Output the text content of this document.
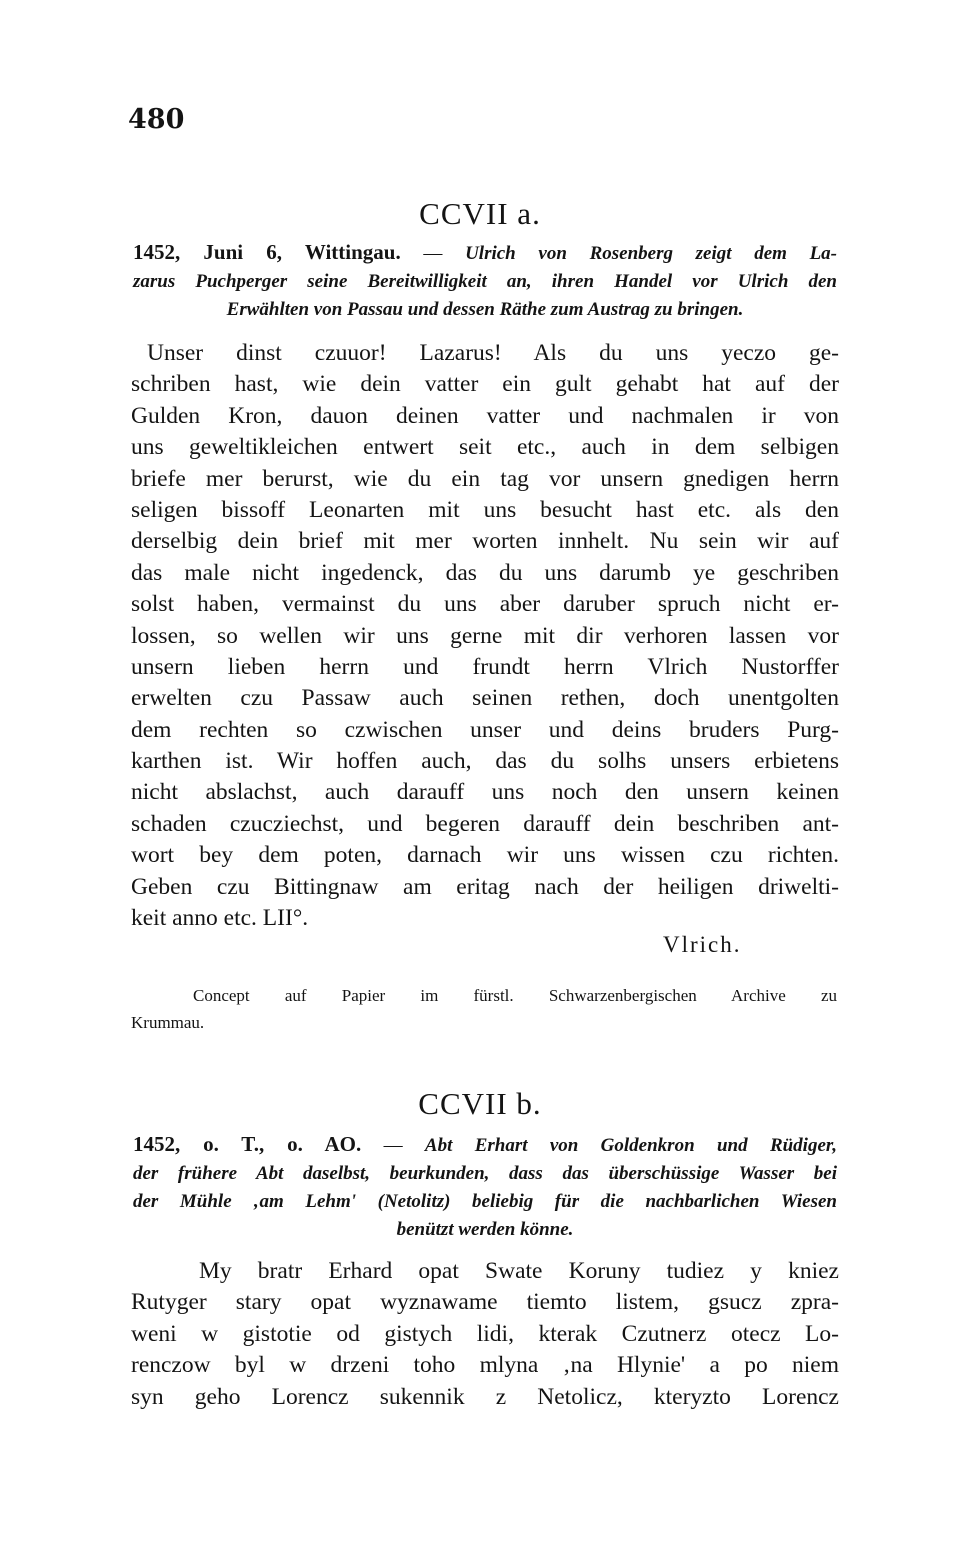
480
CCVII a.
1452, Juni 6, Wittingau. — Ulrich von Rosenberg zeigt dem La-
zarus Puchperger seine Bereitwilligkeit an, ihren Handel vor Ulrich den
Erwählten von Passau und dessen Räthe zum Austrag zu bringen.
Unser dinst czuuor! Lazarus! Als du uns yeczo ge-
schriben hast, wie dein vatter ein gult gehabt hat auf der
Gulden Kron, dauon deinen vatter und nachmalen ir von
uns geweltikleichen entwert seit etc., auch in dem selbigen
briefe mer berurst, wie du ein tag vor unsern gnedigen herrn
seligen bissoff Leonarten mit uns besucht hast etc. als den
derselbig dein brief mit mer worten innhelt. Nu sein wir auf
das male nicht ingedenck, das du uns darumb ye geschriben
solst haben, vermainst du uns aber daruber spruch nicht er-
lossen, so wellen wir uns gerne mit dir verhoren lassen vor
unsern lieben herrn und frundt herrn Vlrich Nustorffer
erwelten czu Passaw auch seinen rethen, doch unentgolten
dem rechten so czwischen unser und deins bruders Purg-
karthen ist. Wir hoffen auch, das du solhs unsers erbietens
nicht abslachst, auch darauff uns noch den unsern keinen
schaden czucziechst, und begeren darauff dein beschriben ant-
wort bey dem poten, darnach wir uns wissen czu richten.
Geben czu Bittingnaw am eritag nach der heiligen driwelti-
keit anno etc. LII°.
Vlrich.
Concept auf Papier im fürstl. Schwarzenbergischen Archive zu
Krummau.
CCVII b.
1452, o. T., o. AO. — Abt Erhart von Goldenkron und Rüdiger,
der frühere Abt daselbst, beurkunden, dass das überschüssige Wasser bei
der Mühle ‚am Lehm' (Netolitz) beliebig für die nachbarlichen Wiesen
benützt werden könne.
My bratr Erhard opat Swate Koruny tudiez y kniez
Rutyger stary opat wyznawame tiemto listem, gsucz zpra-
weni w gistotie od gistych lidi, kterak Czutnerz otecz Lo-
renczow byl w drzeni toho mlyna ‚na Hlynie' a po niem
syn geho Lorencz sukennik z Netolicz, kteryzto Lorencz
